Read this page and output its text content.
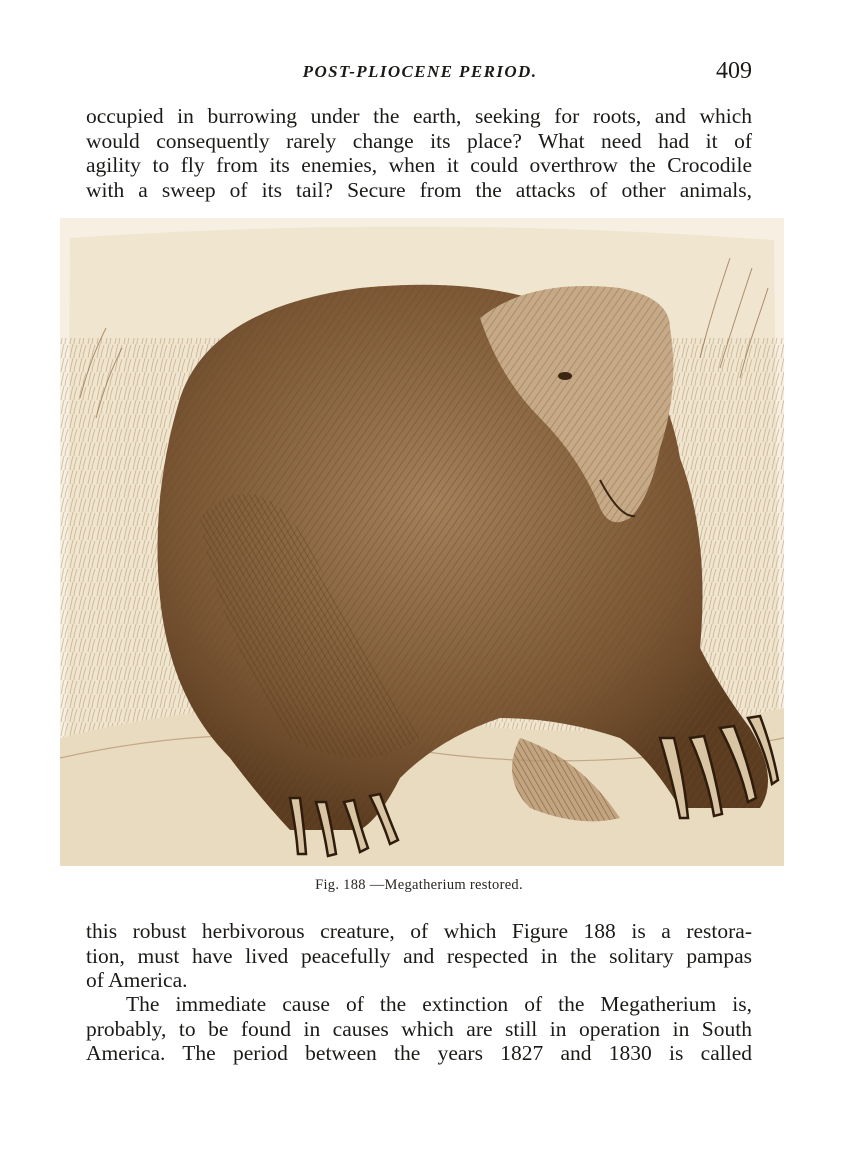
POST-PLIOCENE PERIOD.	409
occupied in burrowing under the earth, seeking for roots, and which
would consequently rarely change its place? What need had it of
agility to fly from its enemies, when it could overthrow the Crocodile
with a sweep of its tail? Secure from the attacks of other animals,
Fig. 188 —Megatherium restored.
this robust herbivorous creature, of which Figure 188 is a restora-
tion, must have lived peacefully and respected in the solitary pampas
of America.
The immediate cause of the extinction of the Megatherium is,
probably, to be found in causes which are still in operation in South
America. The period between the years 1827 and 1830 is called
